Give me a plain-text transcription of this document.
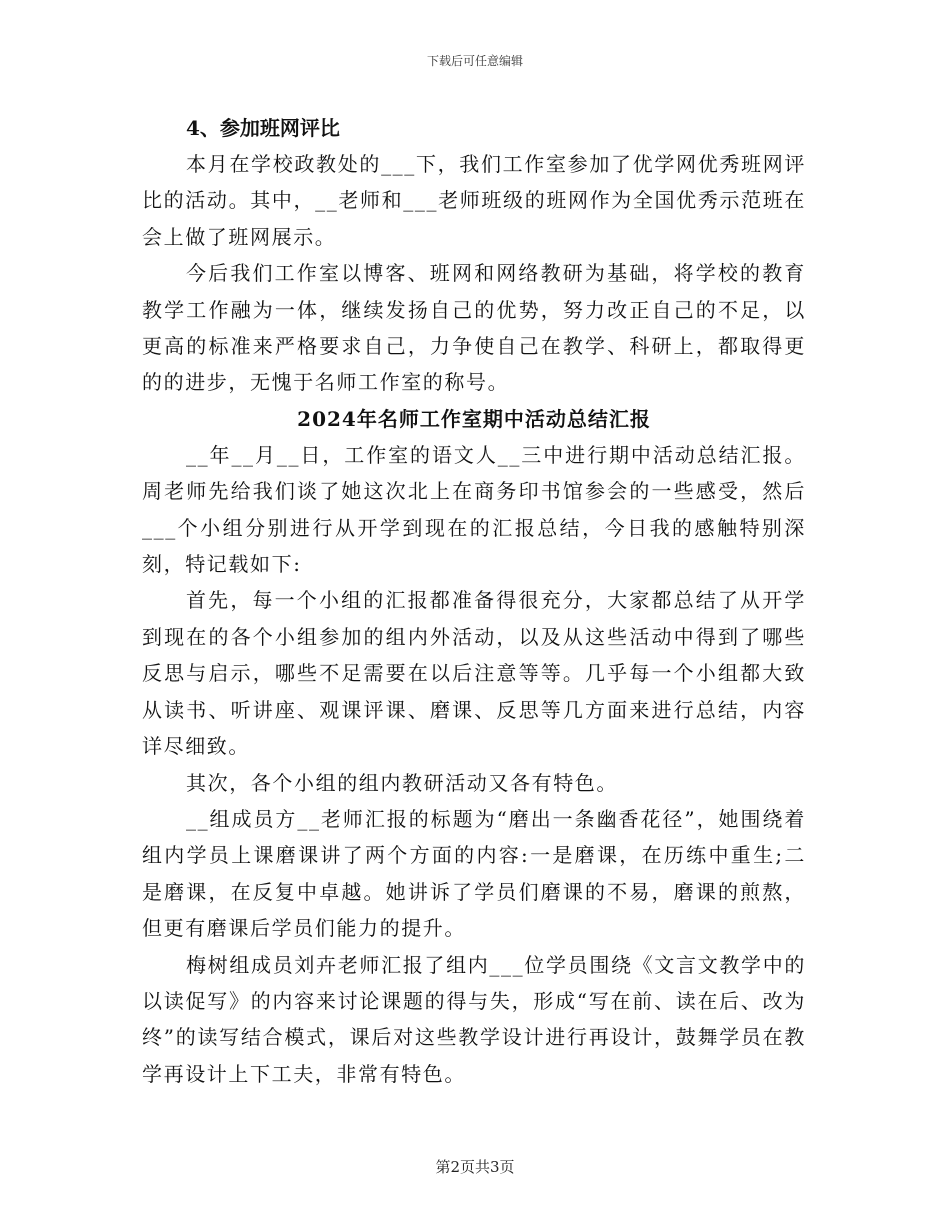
下载后可任意编辑

4、参加班网评比

本月在学校政教处的___下，我们工作室参加了优学网优秀班网评比的活动。其中，__老师和___老师班级的班网作为全国优秀示范班在会上做了班网展示。

今后我们工作室以博客、班网和网络教研为基础，将学校的教育教学工作融为一体，继续发扬自己的优势，努力改正自己的不足，以更高的标准来严格要求自己，力争使自己在教学、科研上，都取得更的的进步，无愧于名师工作室的称号。

2024年名师工作室期中活动总结汇报

__年__月__日，工作室的语文人__三中进行期中活动总结汇报。周老师先给我们谈了她这次北上在商务印书馆参会的一些感受，然后___个小组分别进行从开学到现在的汇报总结，今日我的感触特别深刻，特记载如下:

首先，每一个小组的汇报都准备得很充分，大家都总结了从开学到现在的各个小组参加的组内外活动，以及从这些活动中得到了哪些反思与启示，哪些不足需要在以后注意等等。几乎每一个小组都大致从读书、听讲座、观课评课、磨课、反思等几方面来进行总结，内容详尽细致。

其次，各个小组的组内教研活动又各有特色。

__组成员方__老师汇报的标题为“磨出一条幽香花径”，她围绕着组内学员上课磨课讲了两个方面的内容:一是磨课，在历练中重生;二是磨课，在反复中卓越。她讲诉了学员们磨课的不易，磨课的煎熬，但更有磨课后学员们能力的提升。

梅树组成员刘卉老师汇报了组内___位学员围绕《文言文教学中的以读促写》的内容来讨论课题的得与失，形成“写在前、读在后、改为终”的读写结合模式，课后对这些教学设计进行再设计，鼓舞学员在教学再设计上下工夫，非常有特色。

第2页共3页
